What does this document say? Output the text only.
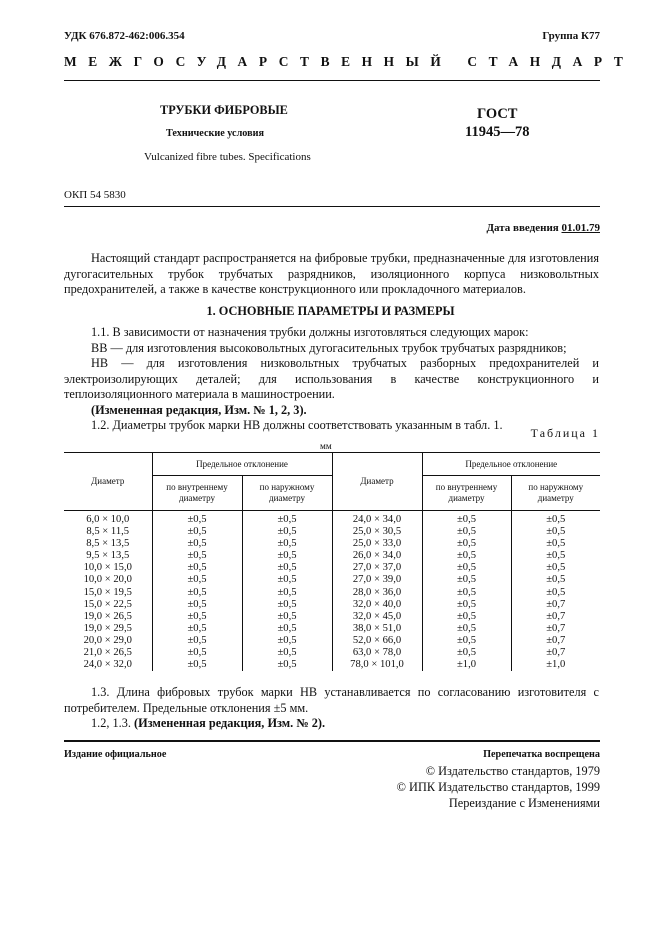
УДК 676.872-462:006.354	Группа К77
МЕЖГОСУДАРСТВЕННЫЙ СТАНДАРТ
ТРУБКИ ФИБРОВЫЕ
Технические условия
Vulcanized fibre tubes. Specifications
ГОСТ
11945—78
ОКП 54 5830
Дата введения 01.01.79

Настоящий стандарт распространяется на фибровые трубки, предназначенные для изготовления дугогасительных трубок трубчатых разрядников, изоляционного корпуса низковольтных предохранителей, а также в качестве конструкционного или прокладочного материалов.

1. ОСНОВНЫЕ ПАРАМЕТРЫ И РАЗМЕРЫ

1.1. В зависимости от назначения трубки должны изготовляться следующих марок:

ВВ — для изготовления высоковольтных дугогасительных трубок трубчатых разрядников;

НВ — для изготовления низковольтных трубчатых разборных предохранителей и электроизолирующих деталей; для использования в качестве конструкционного и теплоизоляционного материала в машиностроении.

(Измененная редакция, Изм. № 1, 2, 3).

1.2. Диаметры трубок марки НВ должны соответствовать указанным в табл. 1.

Таблица 1
мм
Диаметр	Предельное отклонение		Диаметр	Предельное отклонение	
	по внутреннему диаметру	по наружному диаметру		по внутреннему диаметру	по наружному диаметру
6,0 × 10,0	±0,5	±0,5	24,0 × 34,0	±0,5	±0,5
8,5 × 11,5	±0,5	±0,5	25,0 × 30,5	±0,5	±0,5
8,5 × 13,5	±0,5	±0,5	25,0 × 33,0	±0,5	±0,5
9,5 × 13,5	±0,5	±0,5	26,0 × 34,0	±0,5	±0,5
10,0 × 15,0	±0,5	±0,5	27,0 × 37,0	±0,5	±0,5
10,0 × 20,0	±0,5	±0,5	27,0 × 39,0	±0,5	±0,5
15,0 × 19,5	±0,5	±0,5	28,0 × 36,0	±0,5	±0,5
15,0 × 22,5	±0,5	±0,5	32,0 × 40,0	±0,5	±0,7
19,0 × 26,5	±0,5	±0,5	32,0 × 45,0	±0,5	±0,7
19,0 × 29,5	±0,5	±0,5	38,0 × 51,0	±0,5	±0,7
20,0 × 29,0	±0,5	±0,5	52,0 × 66,0	±0,5	±0,7
21,0 × 26,5	±0,5	±0,5	63,0 × 78,0	±0,5	±0,7
24,0 × 32,0	±0,5	±0,5	78,0 × 101,0	±1,0	±1,0

1.3. Длина фибровых трубок марки НВ устанавливается по согласованию изготовителя с потребителем. Предельные отклонения ±5 мм.

1.2, 1.3. (Измененная редакция, Изм. № 2).

Издание официальное	Перепечатка воспрещена
© Издательство стандартов, 1979
© ИПК Издательство стандартов, 1999
Переиздание с Изменениями
